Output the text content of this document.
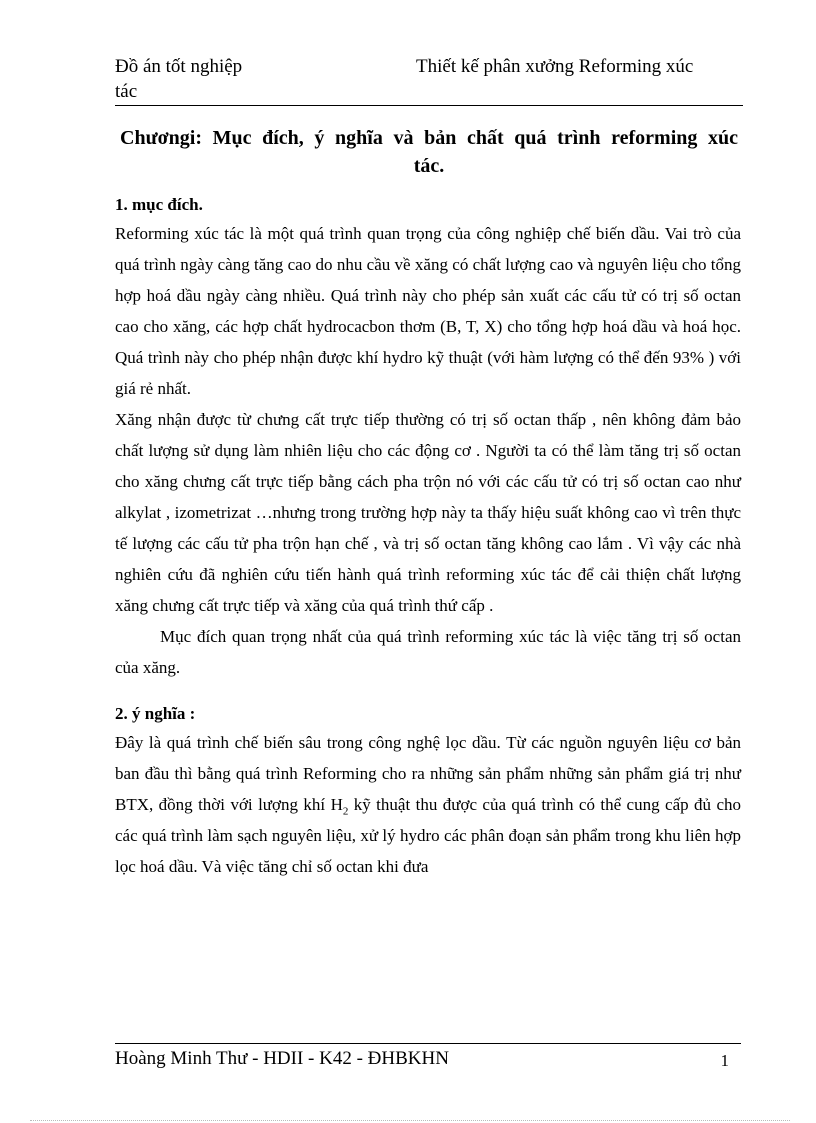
Đồ án tốt nghiệp	Thiết kế phân xưởng Reforming xúc
tác
Chươngi: Mục đích, ý nghĩa và bản chất quá trình reforming xúc
tác.
1. mục đích.

Reforming xúc tác là một quá trình quan trọng của công nghiệp chế biến dầu. Vai trò của quá trình ngày càng tăng cao do nhu cầu về xăng có chất lượng cao và nguyên liệu cho tổng hợp hoá dầu ngày càng nhiều. Quá trình này cho phép sản xuất các cấu tử có trị số octan cao cho xăng, các hợp chất hydrocacbon thơm (B, T, X) cho tổng hợp hoá dầu và hoá học. Quá trình này cho phép nhận được khí hydro kỹ thuật (với hàm lượng có thể đến 93% ) với giá rẻ nhất.

Xăng nhận được từ chưng cất trực tiếp thường có trị số octan thấp , nên không đảm bảo chất lượng sử dụng làm nhiên liệu cho các động cơ . Người ta có thể làm tăng trị số octan cho xăng chưng cất trực tiếp bằng cách pha trộn nó với các cấu tử có trị số octan cao như alkylat , izometrizat …nhưng trong trường hợp này ta thấy hiệu suất không cao vì trên thực tế lượng các cấu tử pha trộn hạn chế , và trị số octan tăng không cao lắm . Vì vậy các nhà nghiên cứu đã nghiên cứu tiến hành quá trình reforming xúc tác để cải thiện chất lượng xăng chưng cất trực tiếp và xăng của quá trình thứ cấp .

Mục đích quan trọng nhất của quá trình reforming xúc tác là việc tăng trị số octan của xăng.

2. ý nghĩa :

Đây là quá trình chế biến sâu trong công nghệ lọc dầu. Từ các nguồn nguyên liệu cơ bản ban đầu thì bằng quá trình Reforming cho ra những sản phẩm những sản phẩm giá trị như BTX, đồng thời với lượng khí $H_2$ kỹ thuật thu được của quá trình có thể cung cấp đủ cho các quá trình làm sạch nguyên liệu, xử lý hydro các phân đoạn sản phẩm trong khu liên hợp lọc hoá dầu. Và việc tăng chỉ số octan khi đưa

Hoàng Minh Thư - HDII - K42 - ĐHBKHN	1
